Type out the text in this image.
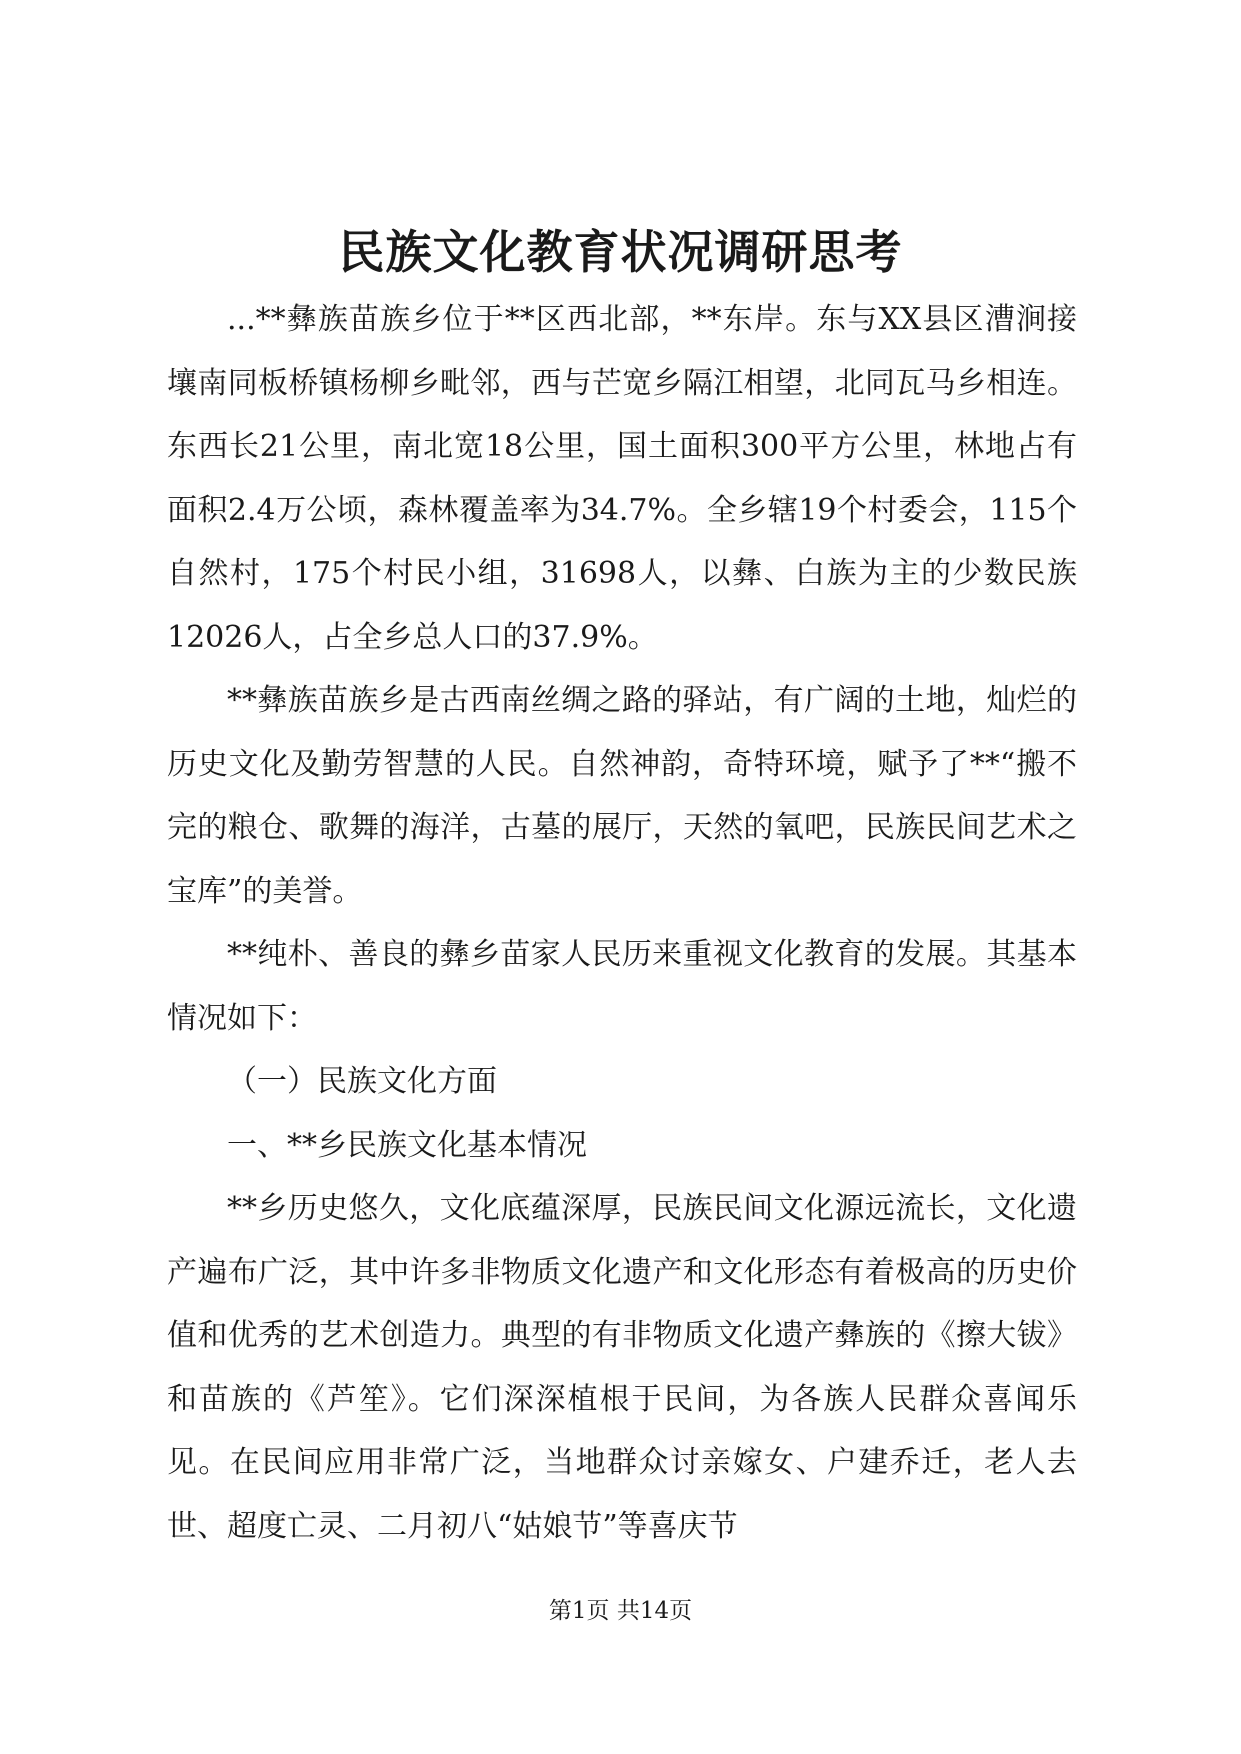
民族文化教育状况调研思考

...**彝族苗族乡位于**区西北部，**东岸。东与XX县区漕涧接壤南同板桥镇杨柳乡毗邻，西与芒宽乡隔江相望，北同瓦马乡相连。东西长21公里，南北宽18公里，国土面积300平方公里，林地占有面积2.4万公顷，森林覆盖率为34.7%。全乡辖19个村委会，115个自然村，175个村民小组，31698人，以彝、白族为主的少数民族12026人，占全乡总人口的37.9%。

**彝族苗族乡是古西南丝绸之路的驿站，有广阔的土地，灿烂的历史文化及勤劳智慧的人民。自然神韵，奇特环境，赋予了**“搬不完的粮仓、歌舞的海洋，古墓的展厅，天然的氧吧，民族民间艺术之宝库”的美誉。

**纯朴、善良的彝乡苗家人民历来重视文化教育的发展。其基本情况如下：

（一）民族文化方面

一、**乡民族文化基本情况

**乡历史悠久，文化底蕴深厚，民族民间文化源远流长，文化遗产遍布广泛，其中许多非物质文化遗产和文化形态有着极高的历史价值和优秀的艺术创造力。典型的有非物质文化遗产彝族的《擦大钹》和苗族的《芦笙》。它们深深植根于民间，为各族人民群众喜闻乐见。在民间应用非常广泛，当地群众讨亲嫁女、户建乔迁，老人去世、超度亡灵、二月初八“姑娘节”等喜庆节

第1页 共14页
